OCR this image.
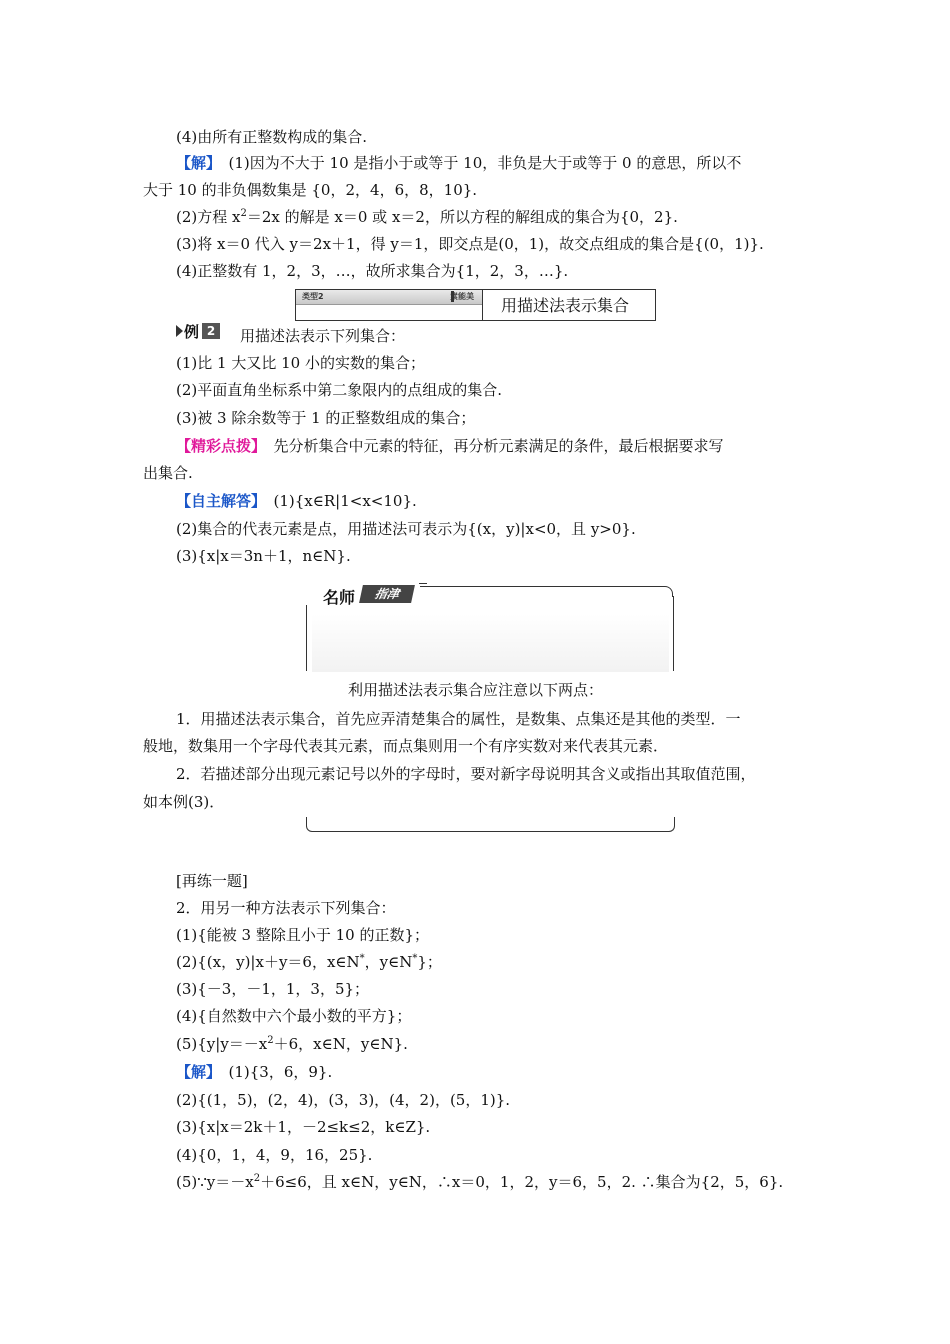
(4)由所有正整数构成的集合.
【解】　(1)因为不大于 10 是指小于或等于 10，非负是大于或等于 0 的意思，所以不
大于 10 的非负偶数集是 {0，2，4，6，8，10}.
(2)方程 $x^2=2x$ 的解是 x＝0 或 x＝2，所以方程的解组成的集合为{0，2}.
(3)将 x＝0 代入 y＝2x＋1，得 y＝1，即交点是(0，1)，故交点组成的集合是{(0，1)}.
(4)正整数有 1，2，3，…，故所求集合为{1，2，3，…}.
类型2	素能美 用描述法表示集合
例 2	用描述法表示下列集合：
(1)比 1 大又比 10 小的实数的集合；
(2)平面直角坐标系中第二象限内的点组成的集合.
(3)被 3 除余数等于 1 的正整数组成的集合；
【精彩点拨】　先分析集合中元素的特征，再分析元素满足的条件，最后根据要求写
出集合.
【自主解答】　(1){x∈R|1<x<10}.
(2)集合的代表元素是点，用描述法可表示为{(x，y)|x<0，且 y>0}.
(3){x|x＝3n＋1，n∈N}.
名师	指津
利用描述法表示集合应注意以下两点：
1．用描述法表示集合，首先应弄清楚集合的属性，是数集、点集还是其他的类型．一
般地，数集用一个字母代表其元素，而点集则用一个有序实数对来代表其元素．
2．若描述部分出现元素记号以外的字母时，要对新字母说明其含义或指出其取值范围，
如本例(3)．
[再练一题]
2．用另一种方法表示下列集合：
(1){能被 3 整除且小于 10 的正数}；
(2){(x，y)|x＋y＝6，x∈N*，y∈N*}；
(3){－3，－1，1，3，5}；
(4){自然数中六个最小数的平方}；
$(5)\{y|y=-x^2+6$，x∈N，y∈N}.
【解】　(1){3，6，9}.
(2){(1，5)，(2，4)，(3，3)，(4，2)，(5，1)}.
(3){x|x＝2k＋1，－2≤k≤2，k∈Z}.
(4){0，1，4，9，16，25}.
$(5)\because y=-x^2+6\le 6$，且 x∈N，y∈N，∴x＝0，1，2，y＝6，5，2. ∴集合为{2，5，6}.
